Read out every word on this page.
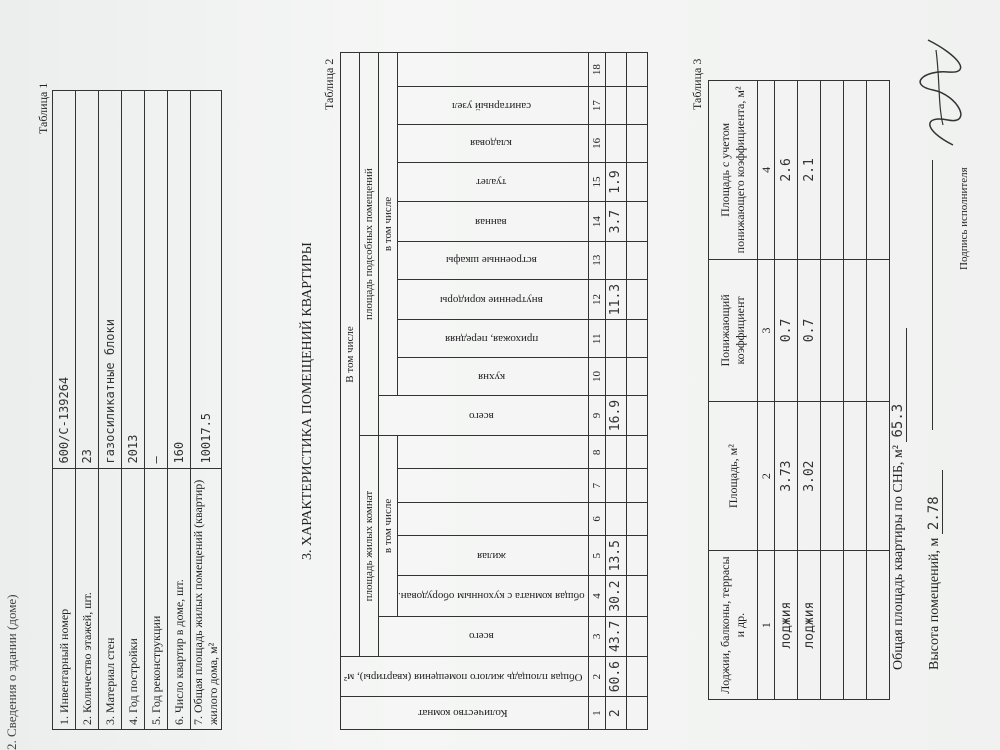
2. Сведения о здании (доме)
Таблица 1
1. Инвентарный номер	600/С-139264
2. Количество этажей, шт.	23
3. Материал стен	газосиликатные блоки
4. Год постройки	2013
5. Год реконструкции	—
6. Число квартир в доме, шт.	160
7. Общая площадь жилых помещений (квартир) жилого дома, м²	10017.5	3. ХАРАКТЕРИСТИКА ПОМЕЩЕНИЙ КВАРТИРЫ
Таблица 2
Количество комнат	Общая площадь жилого помещения (квартиры), м²	В том числе															
		площадь жилых комнат						площадь подсобных помещений									
		всего	в том числе					всего	в том числе								
			общая комната с кухонным оборудован.	жилая					кухня	прихожая, передняя	внутренние коридоры	встроенные шкафы	ванная	туалет	кладовая	санитарный узел	
1	2	3	4	5	6	7	8	9	10	11	12	13	14	15	16	17	18
2	60.6	43.7	30.2	13.5				16.9			11.3		3.7	1.9			

Таблица 3
Лоджии, балконы, террасы и др.	Площадь, м²	Понижающий коэффициент	Площадь с учетом понижающего коэффициента, м²
1	2	3	4
лоджия	3.73	0.7	2.6
лоджия	3.02	0.7	2.1

Общая площадь квартиры по СНБ, м² 65.3
Высота помещений, м 2.78
Подпись исполнителя
